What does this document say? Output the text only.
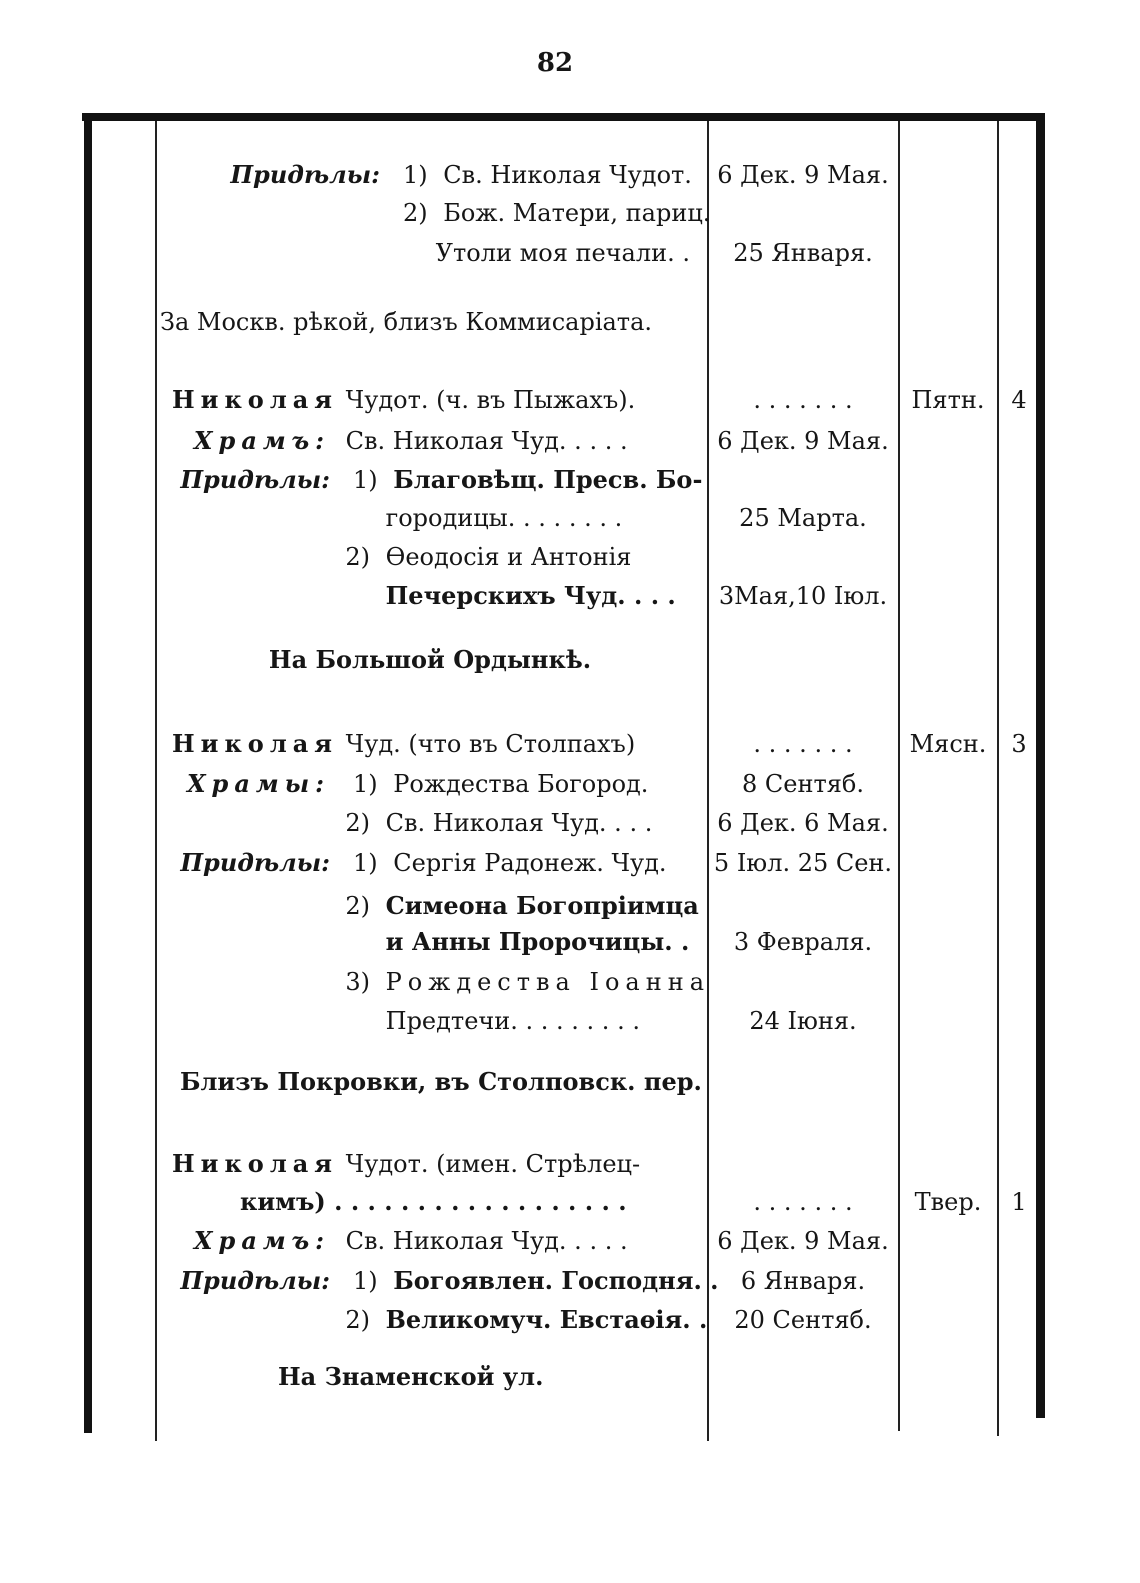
82
Придѣлы: 1) Св. Николая Чудот.	6 Дек. 9 Мая.
2) Бож. Матери, париц.
Утоли моя печали. .	25 Января.
За Москв. рѣкой, близъ Коммисаріата.
Николая Чудот. (ч. въ Пыжахъ).	. . . . . . .	Пятн.	4
Храмъ: Св. Николая Чуд. . . . .	6 Дек. 9 Мая.
Придѣлы: 1) Благовѣщ. Пресв. Бо-
городицы. . . . . . . .	25 Марта.
2) Ѳеодосія и Антонія
Печерскихъ Чуд. . . .	3Мая,10 Іюл.
На Большой Ордынкѣ.
Николая Чуд. (что въ Столпахъ)	. . . . . . .	Мясн.	3
Храмы: 1) Рождества Богород.	8 Сентяб.
2) Св. Николая Чуд. . . .	6 Дек. 6 Мая.
Придѣлы: 1) Сергія Радонеж. Чуд.	5 Іюл. 25 Сен.
2) Симеона Богопріимца
и Анны Пророчицы. .	3 Февраля.
3) Рождества Іоанна
Предтечи. . . . . . . . .	24 Іюня.
Близъ Покровки, въ Столповск. пер.
Николая Чудот. (имен. Стрѣлец-
кимъ) . . . . . . . . . . . . . . . . . .	. . . . . . .	Твер.	1
Храмъ: Св. Николая Чуд. . . . .	6 Дек. 9 Мая.
Придѣлы: 1) Богоявлен. Господня. . 6 Января.
2) Великомуч. Евстаѳія. .	20 Сентяб.
На Знаменской ул.
